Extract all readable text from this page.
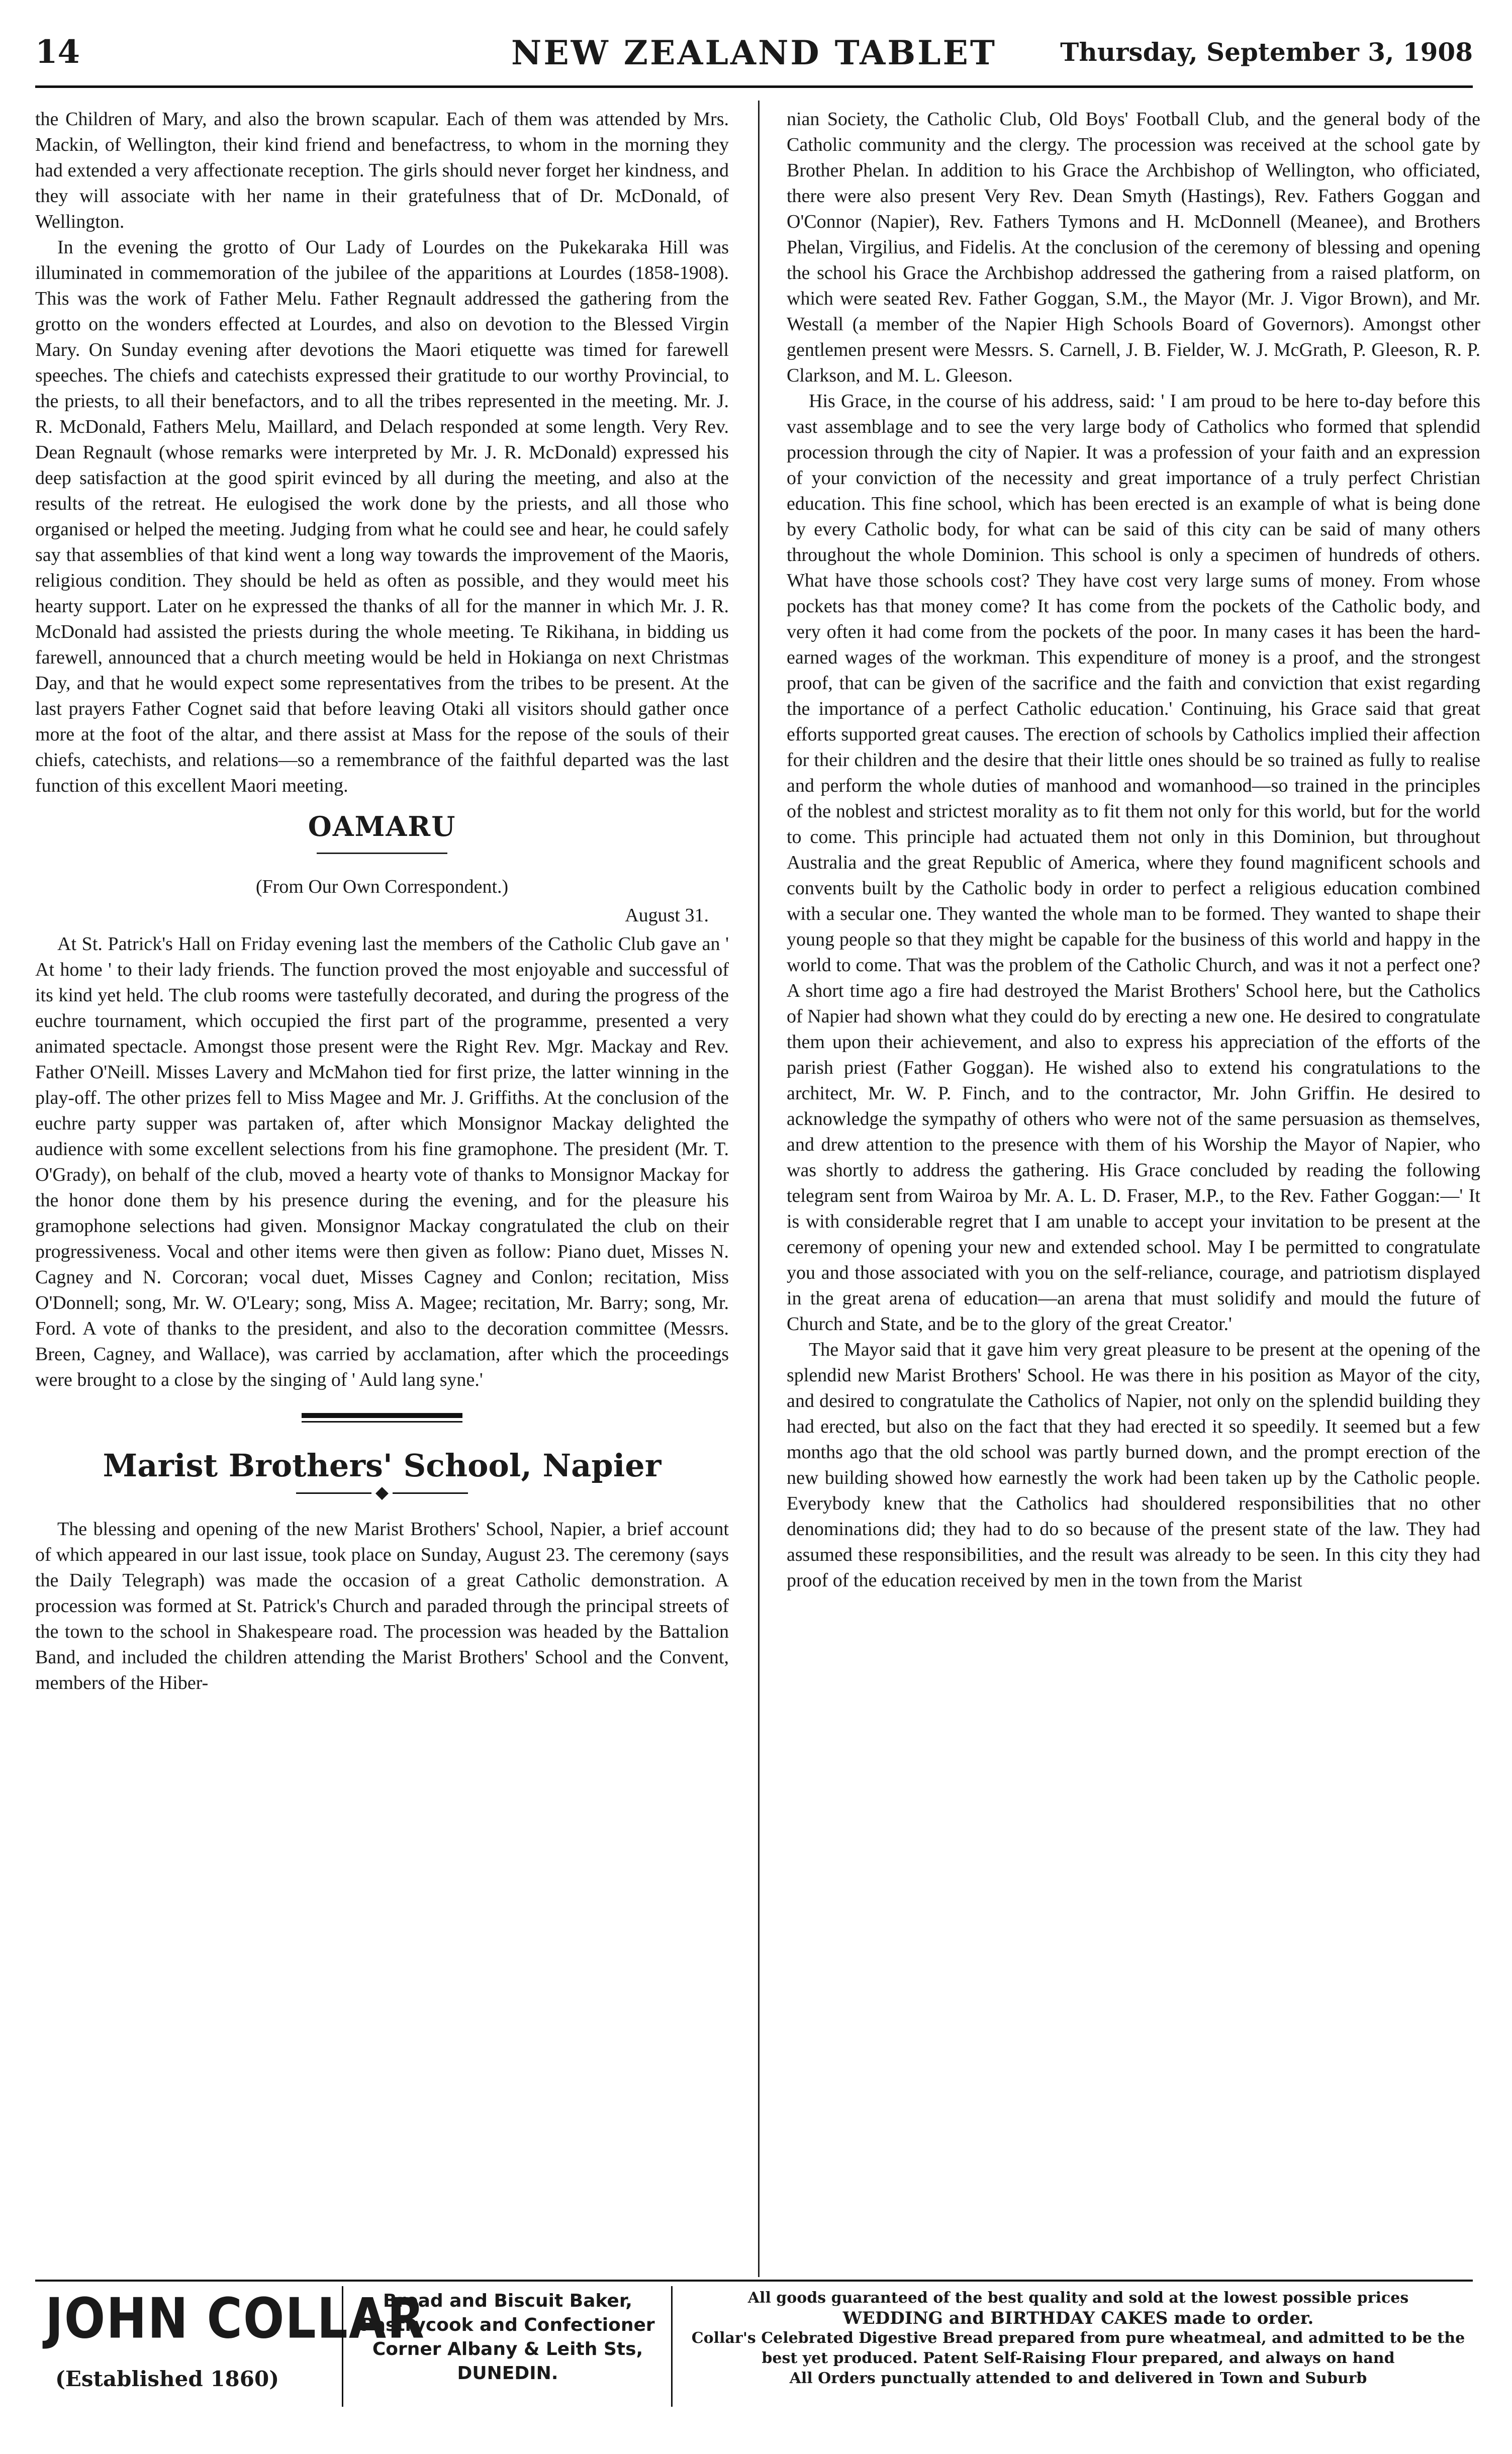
14	NEW ZEALAND TABLET	Thursday, September 3, 1908

the Children of Mary, and also the brown scapular. Each of them was attended by Mrs. Mackin, of Wellington, their kind friend and benefactress, to whom in the morning they had extended a very affectionate reception. The girls should never forget her kindness, and they will associate with her name in their gratefulness that of Dr. McDonald, of Wellington.

In the evening the grotto of Our Lady of Lourdes on the Pukekaraka Hill was illuminated in commemoration of the jubilee of the apparitions at Lourdes (1858-1908). This was the work of Father Melu. Father Regnault addressed the gathering from the grotto on the wonders effected at Lourdes, and also on devotion to the Blessed Virgin Mary. On Sunday evening after devotions the Maori etiquette was timed for farewell speeches. The chiefs and catechists expressed their gratitude to our worthy Provincial, to the priests, to all their benefactors, and to all the tribes represented in the meeting. Mr. J. R. McDonald, Fathers Melu, Maillard, and Delach responded at some length. Very Rev. Dean Regnault (whose remarks were interpreted by Mr. J. R. McDonald) expressed his deep satisfaction at the good spirit evinced by all during the meeting, and also at the results of the retreat. He eulogised the work done by the priests, and all those who organised or helped the meeting. Judging from what he could see and hear, he could safely say that assemblies of that kind went a long way towards the improvement of the Maoris, religious condition. They should be held as often as possible, and they would meet his hearty support. Later on he expressed the thanks of all for the manner in which Mr. J. R. McDonald had assisted the priests during the whole meeting. Te Rikihana, in bidding us farewell, announced that a church meeting would be held in Hokianga on next Christmas Day, and that he would expect some representatives from the tribes to be present. At the last prayers Father Cognet said that before leaving Otaki all visitors should gather once more at the foot of the altar, and there assist at Mass for the repose of the souls of their chiefs, catechists, and relations—so a remembrance of the faithful departed was the last function of this excellent Maori meeting.

OAMARU
(From Our Own Correspondent.)
August 31.

At St. Patrick's Hall on Friday evening last the members of the Catholic Club gave an ' At home ' to their lady friends. The function proved the most enjoyable and successful of its kind yet held. The club rooms were tastefully decorated, and during the progress of the euchre tournament, which occupied the first part of the programme, presented a very animated spectacle. Amongst those present were the Right Rev. Mgr. Mackay and Rev. Father O'Neill. Misses Lavery and McMahon tied for first prize, the latter winning in the play-off. The other prizes fell to Miss Magee and Mr. J. Griffiths. At the conclusion of the euchre party supper was partaken of, after which Monsignor Mackay delighted the audience with some excellent selections from his fine gramophone. The president (Mr. T. O'Grady), on behalf of the club, moved a hearty vote of thanks to Monsignor Mackay for the honor done them by his presence during the evening, and for the pleasure his gramophone selections had given. Monsignor Mackay congratulated the club on their progressiveness. Vocal and other items were then given as follow: Piano duet, Misses N. Cagney and N. Corcoran; vocal duet, Misses Cagney and Conlon; recitation, Miss O'Donnell; song, Mr. W. O'Leary; song, Miss A. Magee; recitation, Mr. Barry; song, Mr. Ford. A vote of thanks to the president, and also to the decoration committee (Messrs. Breen, Cagney, and Wallace), was carried by acclamation, after which the proceedings were brought to a close by the singing of ' Auld lang syne.'

Marist Brothers' School, Napier
◆

The blessing and opening of the new Marist Brothers' School, Napier, a brief account of which appeared in our last issue, took place on Sunday, August 23. The ceremony (says the Daily Telegraph) was made the occasion of a great Catholic demonstration. A procession was formed at St. Patrick's Church and paraded through the principal streets of the town to the school in Shakespeare road. The procession was headed by the Battalion Band, and included the children attending the Marist Brothers' School and the Convent, members of the Hiber-

nian Society, the Catholic Club, Old Boys' Football Club, and the general body of the Catholic community and the clergy. The procession was received at the school gate by Brother Phelan. In addition to his Grace the Archbishop of Wellington, who officiated, there were also present Very Rev. Dean Smyth (Hastings), Rev. Fathers Goggan and O'Connor (Napier), Rev. Fathers Tymons and H. McDonnell (Meanee), and Brothers Phelan, Virgilius, and Fidelis. At the conclusion of the ceremony of blessing and opening the school his Grace the Archbishop addressed the gathering from a raised platform, on which were seated Rev. Father Goggan, S.M., the Mayor (Mr. J. Vigor Brown), and Mr. Westall (a member of the Napier High Schools Board of Governors). Amongst other gentlemen present were Messrs. S. Carnell, J. B. Fielder, W. J. McGrath, P. Gleeson, R. P. Clarkson, and M. L. Gleeson.

His Grace, in the course of his address, said: ' I am proud to be here to-day before this vast assemblage and to see the very large body of Catholics who formed that splendid procession through the city of Napier. It was a profession of your faith and an expression of your conviction of the necessity and great importance of a truly perfect Christian education. This fine school, which has been erected is an example of what is being done by every Catholic body, for what can be said of this city can be said of many others throughout the whole Dominion. This school is only a specimen of hundreds of others. What have those schools cost? They have cost very large sums of money. From whose pockets has that money come? It has come from the pockets of the Catholic body, and very often it had come from the pockets of the poor. In many cases it has been the hard-earned wages of the workman. This expenditure of money is a proof, and the strongest proof, that can be given of the sacrifice and the faith and conviction that exist regarding the importance of a perfect Catholic education.' Continuing, his Grace said that great efforts supported great causes. The erection of schools by Catholics implied their affection for their children and the desire that their little ones should be so trained as fully to realise and perform the whole duties of manhood and womanhood—so trained in the principles of the noblest and strictest morality as to fit them not only for this world, but for the world to come. This principle had actuated them not only in this Dominion, but throughout Australia and the great Republic of America, where they found magnificent schools and convents built by the Catholic body in order to perfect a religious education combined with a secular one. They wanted the whole man to be formed. They wanted to shape their young people so that they might be capable for the business of this world and happy in the world to come. That was the problem of the Catholic Church, and was it not a perfect one? A short time ago a fire had destroyed the Marist Brothers' School here, but the Catholics of Napier had shown what they could do by erecting a new one. He desired to congratulate them upon their achievement, and also to express his appreciation of the efforts of the parish priest (Father Goggan). He wished also to extend his congratulations to the architect, Mr. W. P. Finch, and to the contractor, Mr. John Griffin. He desired to acknowledge the sympathy of others who were not of the same persuasion as themselves, and drew attention to the presence with them of his Worship the Mayor of Napier, who was shortly to address the gathering. His Grace concluded by reading the following telegram sent from Wairoa by Mr. A. L. D. Fraser, M.P., to the Rev. Father Goggan:—' It is with considerable regret that I am unable to accept your invitation to be present at the ceremony of opening your new and extended school. May I be permitted to congratulate you and those associated with you on the self-reliance, courage, and patriotism displayed in the great arena of education—an arena that must solidify and mould the future of Church and State, and be to the glory of the great Creator.'

The Mayor said that it gave him very great pleasure to be present at the opening of the splendid new Marist Brothers' School. He was there in his position as Mayor of the city, and desired to congratulate the Catholics of Napier, not only on the splendid building they had erected, but also on the fact that they had erected it so speedily. It seemed but a few months ago that the old school was partly burned down, and the prompt erection of the new building showed how earnestly the work had been taken up by the Catholic people. Everybody knew that the Catholics had shouldered responsibilities that no other denominations did; they had to do so because of the present state of the law. They had assumed these responsibilities, and the result was already to be seen. In this city they had proof of the education received by men in the town from the Marist

JOHN COLLAR
(Established 1860)
Bread and Biscuit Baker,
Pastrycook and Confectioner
Corner Albany & Leith Sts,
DUNEDIN.
All goods guaranteed of the best quality and sold at the lowest possible prices
WEDDING and BIRTHDAY CAKES made to order.
Collar's Celebrated Digestive Bread prepared from pure wheatmeal, and admitted to be the
best yet produced. Patent Self-Raising Flour prepared, and always on hand
All Orders punctually attended to and delivered in Town and Suburb
